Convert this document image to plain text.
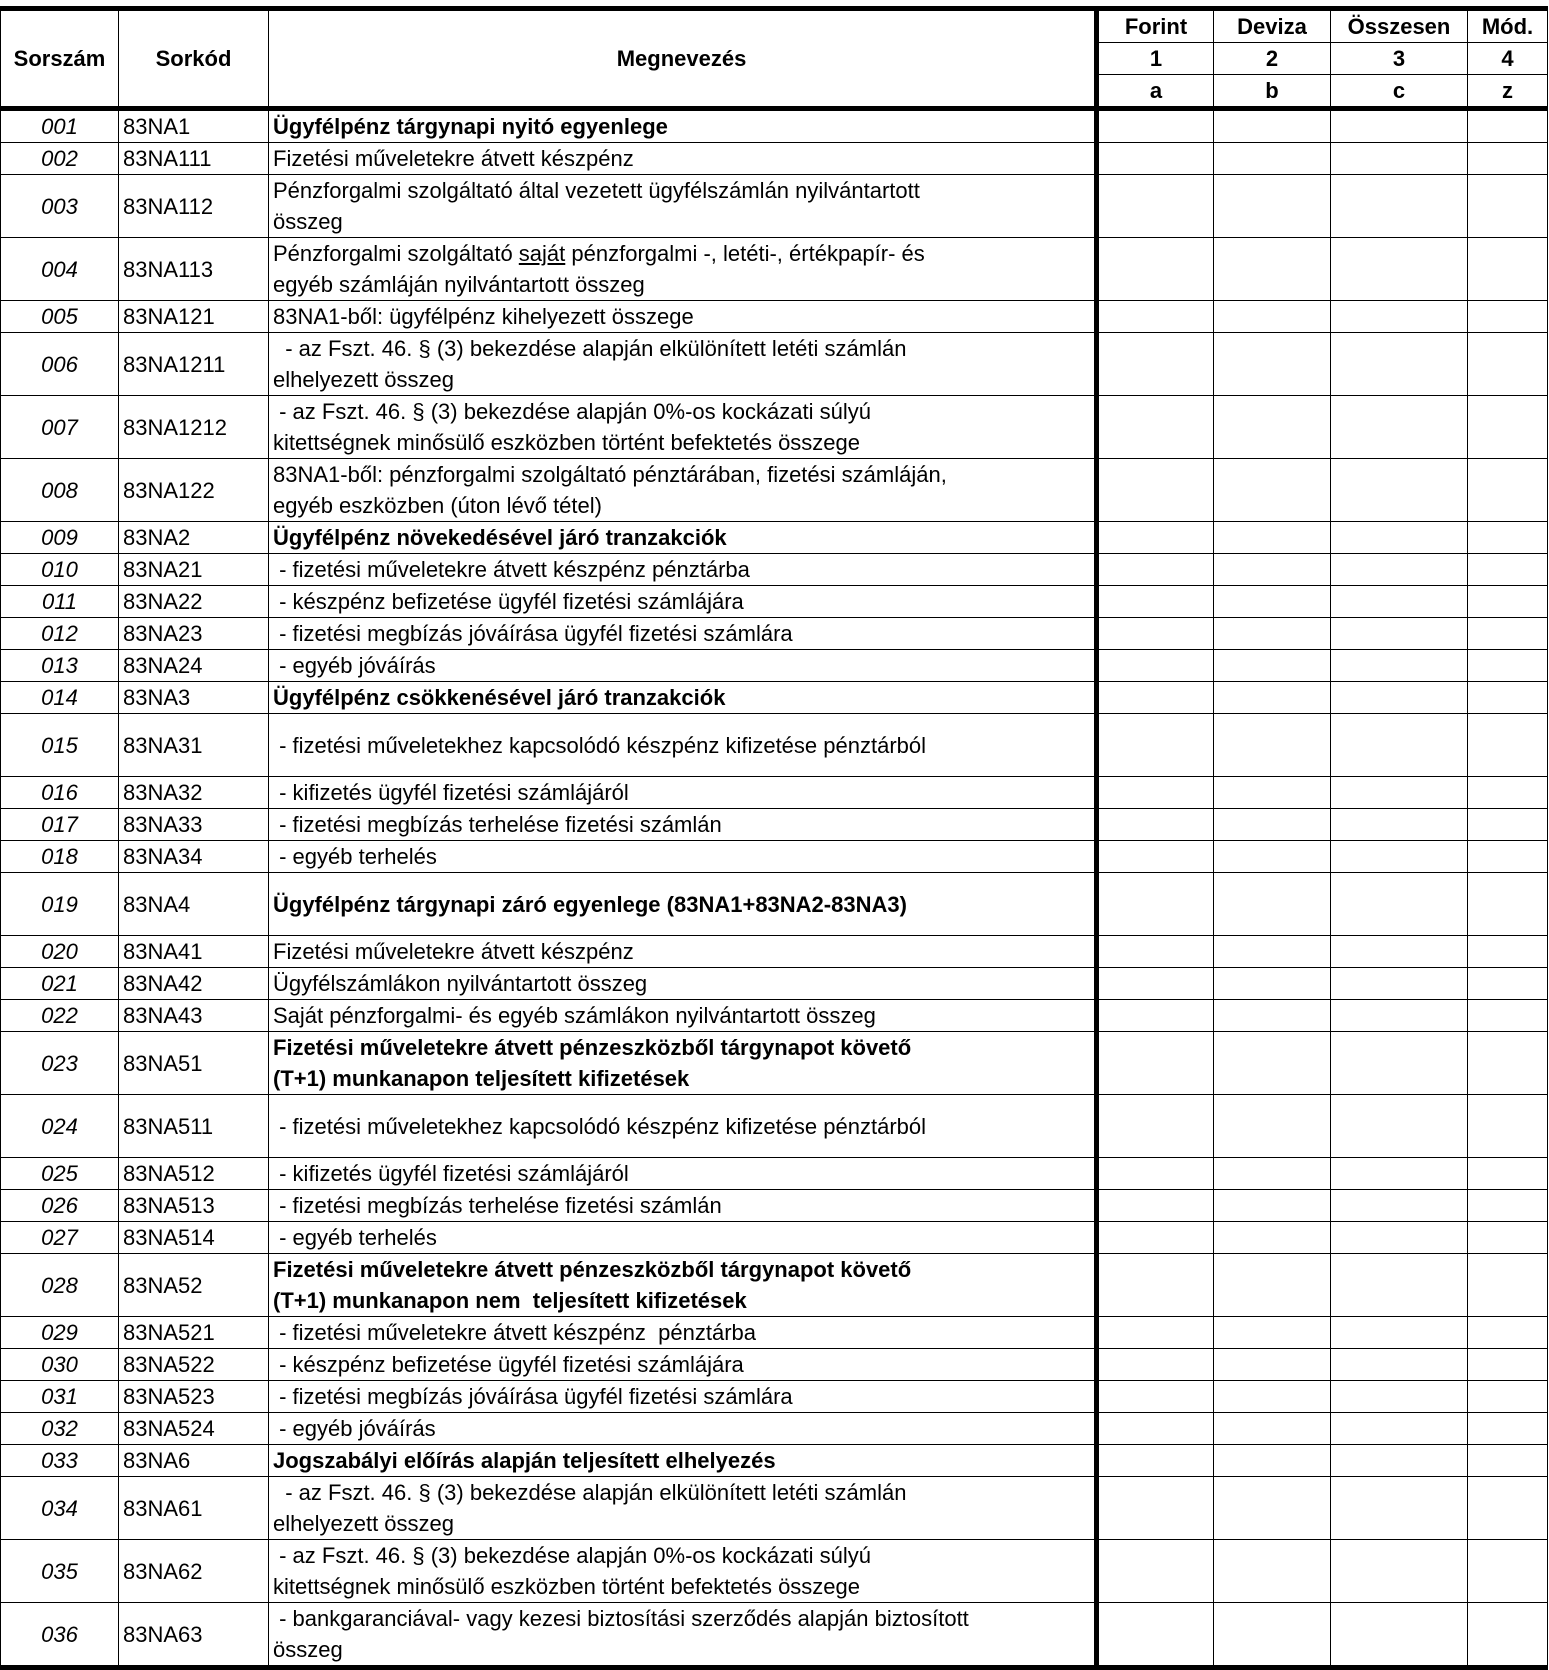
Sorszám	Sorkód	Megnevezés	Forint	Deviza	Összesen	Mód.
			1	2	3	4
			a	b	c	z
001	83NA1	Ügyfélpénz tárgynapi nyitó egyenlege				

002	83NA111	Fizetési műveletekre átvett készpénz				

003	83NA112	Pénzforgalmi szolgáltató által vezetett ügyfélszámlán nyilvántartott
összeg				

004	83NA113	Pénzforgalmi szolgáltató saját pénzforgalmi -, letéti-, értékpapír- és
egyéb számláján nyilvántartott összeg				

005	83NA121	83NA1-ből: ügyfélpénz kihelyezett összege				

006	83NA1211	- az Fszt. 46. § (3) bekezdése alapján elkülönített letéti számlán
elhelyezett összeg				

007	83NA1212	- az Fszt. 46. § (3) bekezdése alapján 0%-os kockázati súlyú
kitettségnek minősülő eszközben történt befektetés összege				

008	83NA122	83NA1-ből: pénzforgalmi szolgáltató pénztárában, fizetési számláján,
egyéb eszközben (úton lévő tétel)				

009	83NA2	Ügyfélpénz növekedésével járó tranzakciók				

010	83NA21	- fizetési műveletekre átvett készpénz pénztárba				

011	83NA22	- készpénz befizetése ügyfél fizetési számlájára				

012	83NA23	- fizetési megbízás jóváírása ügyfél fizetési számlára				

013	83NA24	- egyéb jóváírás				

014	83NA3	Ügyfélpénz csökkenésével járó tranzakciók				

015	83NA31	- fizetési műveletekhez kapcsolódó készpénz kifizetése pénztárból				

016	83NA32	- kifizetés ügyfél fizetési számlájáról				

017	83NA33	- fizetési megbízás terhelése fizetési számlán				

018	83NA34	- egyéb terhelés				

019	83NA4	Ügyfélpénz tárgynapi záró egyenlege (83NA1+83NA2-83NA3)				

020	83NA41	Fizetési műveletekre átvett készpénz				

021	83NA42	Ügyfélszámlákon nyilvántartott összeg				

022	83NA43	Saját pénzforgalmi- és egyéb számlákon nyilvántartott összeg				

023	83NA51	Fizetési műveletekre átvett pénzeszközből tárgynapot követő
(T+1) munkanapon teljesített kifizetések				

024	83NA511	- fizetési műveletekhez kapcsolódó készpénz kifizetése pénztárból				

025	83NA512	- kifizetés ügyfél fizetési számlájáról				

026	83NA513	- fizetési megbízás terhelése fizetési számlán				

027	83NA514	- egyéb terhelés				

028	83NA52	Fizetési műveletekre átvett pénzeszközből tárgynapot követő
(T+1) munkanapon nem  teljesített kifizetések				

029	83NA521	- fizetési műveletekre átvett készpénz  pénztárba				

030	83NA522	- készpénz befizetése ügyfél fizetési számlájára				

031	83NA523	- fizetési megbízás jóváírása ügyfél fizetési számlára				

032	83NA524	- egyéb jóváírás				

033	83NA6	Jogszabályi előírás alapján teljesített elhelyezés				

034	83NA61	- az Fszt. 46. § (3) bekezdése alapján elkülönített letéti számlán
elhelyezett összeg				

035	83NA62	- az Fszt. 46. § (3) bekezdése alapján 0%-os kockázati súlyú
kitettségnek minősülő eszközben történt befektetés összege				

036	83NA63	- bankgaranciával- vagy kezesi biztosítási szerződés alapján biztosított
összeg				
